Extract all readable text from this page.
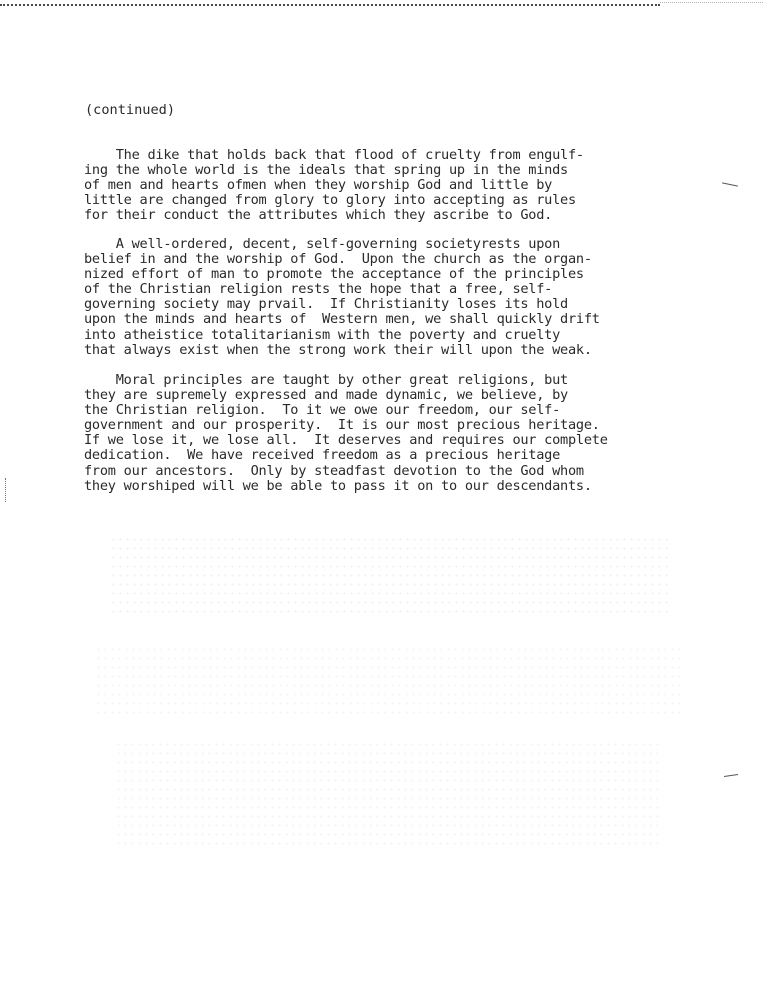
(continued)
The dike that holds back that flood of cruelty from engulf-
ing the whole world is the ideals that spring up in the minds
of men and hearts ofmen when they worship God and little by
little are changed from glory to glory into accepting as rules
for their conduct the attributes which they ascribe to God.
A well-ordered, decent, self-governing societyrests upon
belief in and the worship of God.  Upon the church as the organ-
nized effort of man to promote the acceptance of the principles
of the Christian religion rests the hope that a free, self-
governing society may prvail.  If Christianity loses its hold
upon the minds and hearts of  Western men, we shall quickly drift
into atheistice totalitarianism with the poverty and cruelty
that always exist when the strong work their will upon the weak.
Moral principles are taught by other great religions, but
they are supremely expressed and made dynamic, we believe, by
the Christian religion.  To it we owe our freedom, our self-
government and our prosperity.  It is our most precious heritage.
If we lose it, we lose all.  It deserves and requires our complete
dedication.  We have received freedom as a precious heritage
from our ancestors.  Only by steadfast devotion to the God whom
they worshiped will we be able to pass it on to our descendants.
